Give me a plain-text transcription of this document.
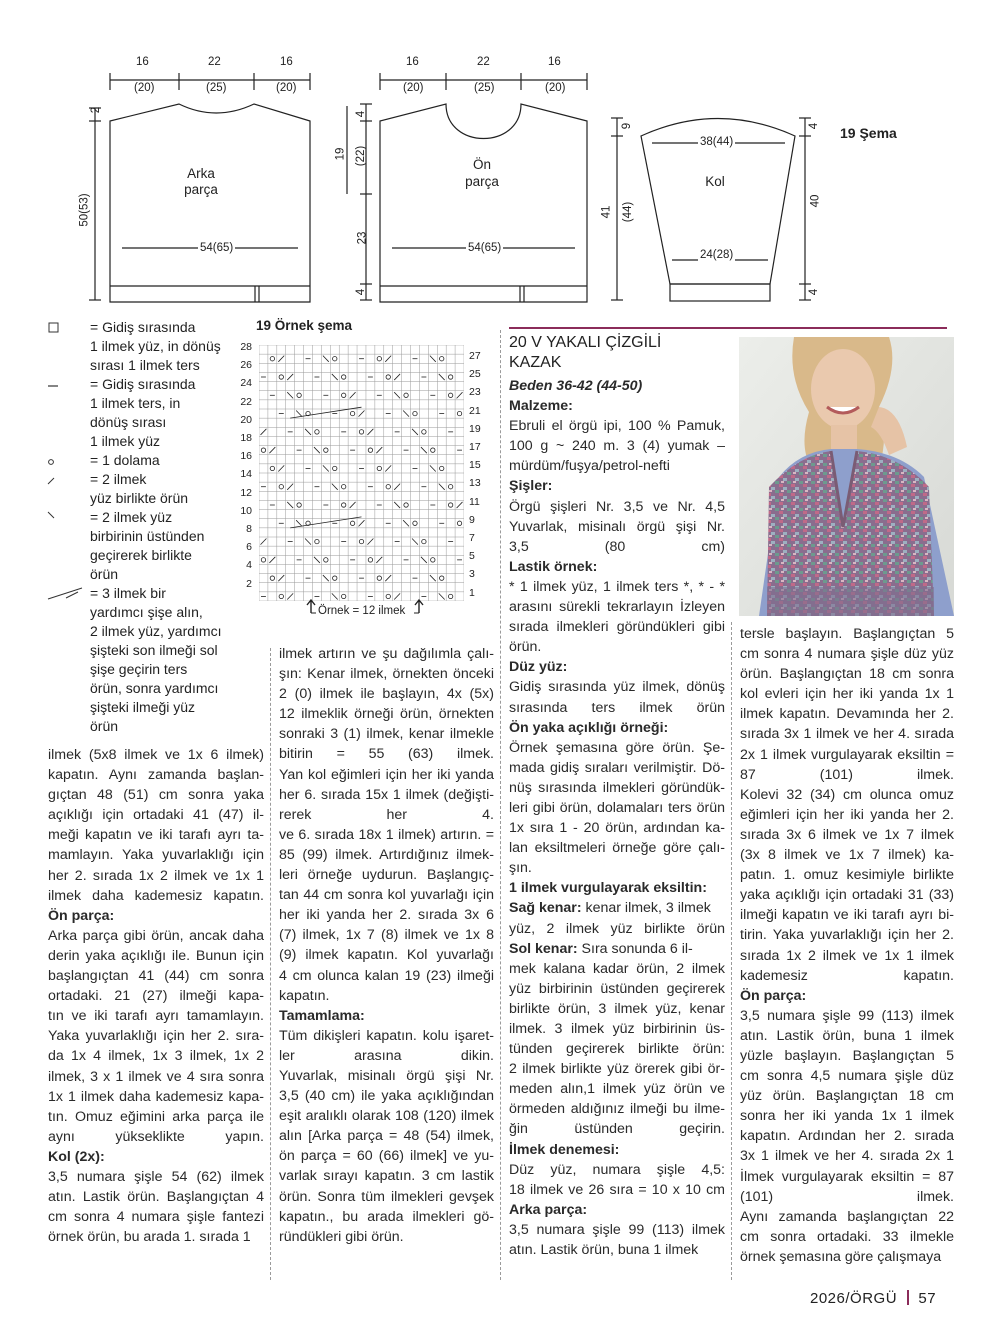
16	22	16
(20)	(25)	(20)
2
50(53)
Arka
parça
54(65)
16	22	16
(20)	(25)	(20)
4
(22)
19
23
4
Ön
parça
54(65)
9
41 (44)
4
40
4
38(44)
Kol
24(28)
19 Şema
= Gidiş sırasında
1 ilmek yüz, in dönüş
sırası 1 ilmek ters
= Gidiş sırasında
1 ilmek ters, in
dönüş sırası
1 ilmek yüz
= 1 dolama
= 2 ilmek
yüz birlikte örün
= 2 ilmek yüz
birbirinin üstünden
geçirerek birlikte
örün
= 3 ilmek bir
yardımcı şişe alın,
2 ilmek yüz, yardımcı
şişteki son ilmeği sol
şişe geçirin ters
örün, sonra yardımcı
şişteki ilmeği yüz
örün
19 Örnek şema
28
26
24
22
20
18
16
14
12
10
8
6
4
2
27
25
23
21
19
17
15
13
11
9
7
5
3
1
Örnek = 12 ilmek

ilmek (5x8 ilmek ve 1x 6 ilmek)

kapatın. Aynı zamanda başlan-

gıçtan 48 (51) cm sonra yaka

açıklığı için ortadaki 41 (47) il-

meği kapatın ve iki tarafı ayrı ta-

mamlayın. Yaka yuvarlaklığı için

her 2. sırada 1x 2 ilmek ve 1x 1

ilmek daha kademesiz kapatın.

Ön parça:

Arka parça gibi örün, ancak daha

derin yaka açıklığı ile. Bunun için

başlangıçtan 41 (44) cm sonra

ortadaki. 21 (27) ilmeği kapa-

tın ve iki tarafı ayrı tamamlayın.

Yaka yuvarlaklığı için her 2. sıra-

da 1x 4 ilmek, 1x 3 ilmek, 1x 2

ilmek, 3 x 1 ilmek ve 4 sıra sonra

1x 1 ilmek daha kademesiz kapa-

tın. Omuz eğimini arka parça ile

aynı yükseklikte yapın.

Kol (2x):

3,5 numara şişle 54 (62) ilmek

atın. Lastik örün. Başlangıçtan 4

cm sonra 4 numara şişle fantezi

örnek örün, bu arada 1. sırada 1

ilmek artırın ve şu dağılımla çalı-

şın: Kenar ilmek, örnekten önceki

2 (0) ilmek ile başlayın, 4x (5x)

12 ilmeklik örneği örün, örnekten

sonraki 3 (1) ilmek, kenar ilmekle

bitirin = 55 (63) ilmek.

Yan kol eğimleri için her iki yanda

her 6. sırada 15x 1 ilmek (değişti-

rerek her 4.

ve 6. sırada 18x 1 ilmek) artırın. =

85 (99) ilmek. Artırdığınız ilmek-

leri örneğe uydurun. Başlangıç-

tan 44 cm sonra kol yuvarlağı için

her iki yanda her 2. sırada 3x 6

(7) ilmek, 1x 7 (8) ilmek ve 1x 8

(9) ilmek kapatın. Kol yuvarlağı

4 cm olunca kalan 19 (23) ilmeği

kapatın.

Tamamlama:

Tüm dikişleri kapatın. kolu işaret-

ler arasına dikin.

Yuvarlak, misinalı örgü şişi Nr.

3,5 (40 cm) ile yaka açıklığından

eşit aralıklı olarak 108 (120) ilmek

alın [Arka parça = 48 (54) ilmek,

ön parça = 60 (66) ilmek] ve yu-

varlak sırayı kapatın. 3 cm lastik

örün. Sonra tüm ilmekleri gevşek

kapatın., bu arada ilmekleri gö-

ründükleri gibi örün.

20 V YAKALI ÇİZGİLİ
KAZAK

Beden 36-42 (44-50)

Malzeme:

Ebruli el örgü ipi, 100 % Pamuk,

100 g ~ 240 m. 3 (4) yumak –

mürdüm/fuşya/petrol-nefti

Şişler:

Örgü şişleri Nr. 3,5 ve Nr. 4,5

Yuvarlak, misinalı örgü şişi Nr.

3,5 (80 cm)

Lastik örnek:

* 1 ilmek yüz, 1 ilmek ters *, * - *

arasını sürekli tekrarlayın İzleyen

sırada ilmekleri göründükleri gibi

örün.

Düz yüz:

Gidiş sırasında yüz ilmek, dönüş

sırasında ters ilmek örün

Ön yaka açıklığı örneği:

Örnek şemasına göre örün. Şe-

mada gidiş sıraları verilmiştir. Dö-

nüş sırasında ilmekleri göründük-

leri gibi örün, dolamaları ters örün

1x sıra 1 - 20 örün, ardından ka-

lan eksiltmeleri örneğe göre çalı-

şın.

1 ilmek vurgulayarak eksiltin:

Sağ kenar: kenar ilmek, 3 ilmek

yüz, 2 ilmek yüz birlikte örün

Sol kenar: Sıra sonunda 6 il-

mek kalana kadar örün, 2 ilmek

yüz birbirinin üstünden geçirerek

birlikte örün, 3 ilmek yüz, kenar

ilmek. 3 ilmek yüz birbirinin üs-

tünden geçirerek birlikte örün:

2 ilmek birlikte yüz örerek gibi ör-

meden alın,1 ilmek yüz örün ve

örmeden aldığınız ilmeği bu ilme-

ğin üstünden geçirin.

İlmek denemesi:

Düz yüz, numara şişle 4,5:

18 ilmek ve 26 sıra = 10 x 10 cm

Arka parça:

3,5 numara şişle 99 (113) ilmek

atın. Lastik örün, buna 1 ilmek

tersle başlayın. Başlangıçtan 5

cm sonra 4 numara şişle düz yüz

örün. Başlangıçtan 18 cm sonra

kol evleri için her iki yanda 1x 1

ilmek kapatın. Devamında her 2.

sırada 3x 1 ilmek ve her 4. sırada

2x 1 ilmek vurgulayarak eksiltin =

87 (101) ilmek.

Kolevi 32 (34) cm olunca omuz

eğimleri için her iki yanda her 2.

sırada 3x 6 ilmek ve 1x 7 ilmek

(3x 8 ilmek ve 1x 7 ilmek) ka-

patın. 1. omuz kesimiyle birlikte

yaka açıklığı için ortadaki 31 (33)

ilmeği kapatın ve iki tarafı ayrı bi-

tirin. Yaka yuvarlaklığı için her 2.

sırada 1x 2 ilmek ve 1x 1 ilmek

kademesiz kapatın.

Ön parça:

3,5 numara şişle 99 (113) ilmek

atın. Lastik örün, buna 1 ilmek

yüzle başlayın. Başlangıçtan 5

cm sonra 4,5 numara şişle düz

yüz örün. Başlangıçtan 18 cm

sonra her iki yanda 1x 1 ilmek

kapatın. Ardından her 2. sırada

3x 1 ilmek ve her 4. sırada 2x 1

İlmek vurgulayarak eksiltin = 87

(101) ilmek.

Aynı zamanda başlangıçtan 22

cm sonra ortadaki. 33 ilmekle

örnek şemasına göre çalışmaya

2026/ÖRGÜ 57
